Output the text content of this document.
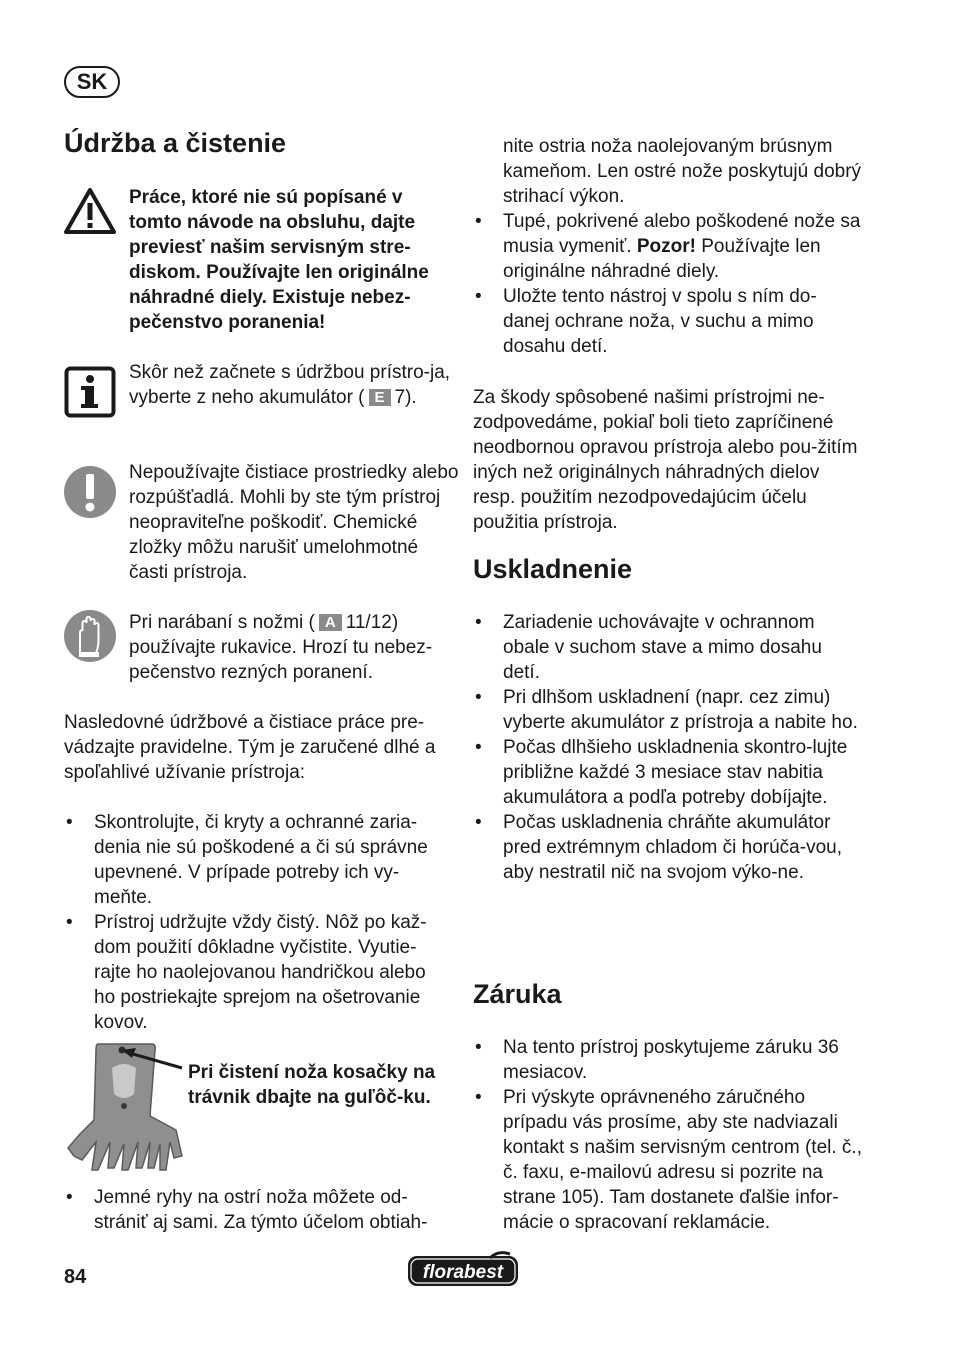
SK
Údržba a čistenie

Práce, ktoré nie sú popísané v tomto návode na obsluhu, dajte previesť našim servisným stre-diskom. Používajte len originálne náhradné diely. Existuje nebez-pečenstvo poranenia!

Skôr než začnete s údržbou prístro-ja, vyberte z neho akumulátor ( E 7).

Nepoužívajte čistiace prostriedky alebo rozpúšťadlá. Mohli by ste tým prístroj neopraviteľne poškodiť. Chemické zložky môžu narušiť umelohmotné časti prístroja.

Pri narábaní s nožmi ( A 11/12) používajte rukavice. Hrozí tu nebez-pečenstvo rezných poranení.

Nasledovné údržbové a čistiace práce pre-vádzajte pravidelne. Tým je zaručené dlhé a spoľahlivé užívanie prístroja:

• Skontrolujte, či kryty a ochranné zaria-denia nie sú poškodené a či sú správne upevnené. V prípade potreby ich vy-meňte.
• Prístroj udržujte vždy čistý. Nôž po kaž-dom použití dôkladne vyčistite. Vyutie-rajte ho naolejovanou handričkou alebo ho postriekajte sprejom na ošetrovanie kovov.

Pri čistení noža kosačky na trávnik dbajte na guľôč-ku.

• Jemné ryhy na ostrí noža môžete od-strániť aj sami. Za týmto účelom obtiah-

nite ostria noža naolejovaným brúsnym kameňom. Len ostré nože poskytujú dobrý strihací výkon.

• Tupé, pokrivené alebo poškodené nože sa musia vymeniť. Pozor! Používajte len originálne náhradné diely.
• Uložte tento nástroj v spolu s ním do-danej ochrane noža, v suchu a mimo dosahu detí.

Za škody spôsobené našimi prístrojmi ne-zodpovedáme, pokiaľ boli tieto zapríčinené neodbornou opravou prístroja alebo pou-žitím iných než originálnych náhradných dielov resp. použitím nezodpovedajúcim účelu použitia prístroja.

Uskladnenie
• Zariadenie uchovávajte v ochrannom obale v suchom stave a mimo dosahu detí.
• Pri dlhšom uskladnení (napr. cez zimu) vyberte akumulátor z prístroja a nabite ho.
• Počas dlhšieho uskladnenia skontro-lujte približne každé 3 mesiace stav nabitia akumulátora a podľa potreby dobíjajte.
• Počas uskladnenia chráňte akumulátor pred extrémnym chladom či horúča-vou, aby nestratil nič na svojom výko-ne.
Záruka
• Na tento prístroj poskytujeme záruku 36 mesiacov.
• Pri výskyte oprávneného záručného prípadu vás prosíme, aby ste nadviazali kontakt s našim servisným centrom (tel. č., č. faxu, e-mailovú adresu si pozrite na strane 105). Tam dostanete ďalšie infor-mácie o spracovaní reklamácie.
84	florabest
